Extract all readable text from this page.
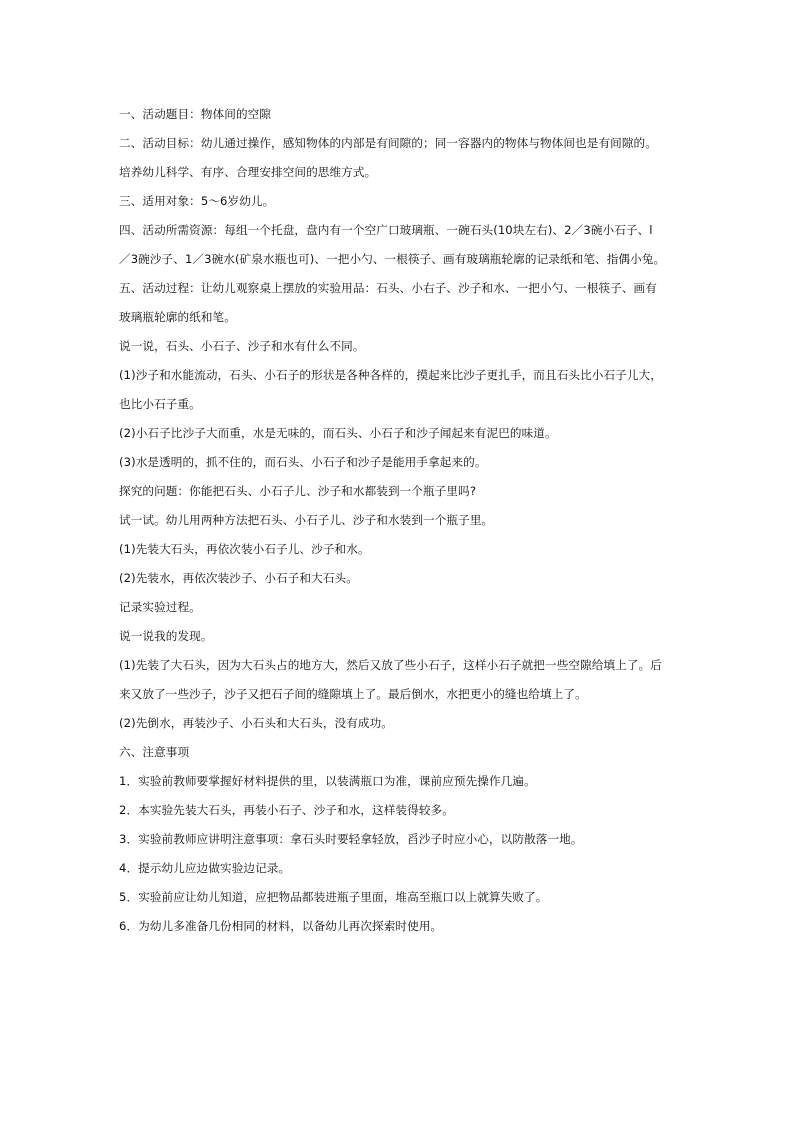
一、活动题目：物体间的空隙
二、活动目标：幼儿通过操作，感知物体的内部是有间隙的；同一容器内的物体与物体间也是有间隙的。
培养幼儿科学、有序、合理安排空间的思维方式。
三、适用对象：5～6岁幼儿。
四、活动所需资源：每组一个托盘，盘内有一个空广口玻璃瓶、一碗石头(10块左右)、2／3碗小石子、l
／3碗沙子、1／3碗水(矿泉水瓶也可)、一把小勺、一根筷子、画有玻璃瓶轮廓的记录纸和笔、指偶小兔。
五、活动过程：让幼儿观察桌上摆放的实验用品：石头、小右子、沙子和水、一把小勺、一根筷子、画有
玻璃瓶轮廓的纸和笔。
说一说，石头、小石子、沙子和水有什么不同。
(1)沙子和水能流动，石头、小石子的形状是各种各样的，摸起来比沙子更扎手，而且石头比小石子儿大，
也比小石子重。
(2)小石子比沙子大而重，水是无味的，而石头、小石子和沙子闻起来有泥巴的味道。
(3)水是透明的，抓不住的，而石头、小石子和沙子是能用手拿起来的。
探究的问题：你能把石头、小石子儿、沙子和水都装到一个瓶子里吗?
试一试。幼儿用两种方法把石头、小石子儿、沙子和水装到一个瓶子里。
(1)先装大石头，再依次装小石子儿、沙子和水。
(2)先装水，再依次装沙子、小石子和大石头。
记录实验过程。
说一说我的发现。
(1)先装了大石头，因为大石头占的地方大，然后又放了些小石子，这样小石子就把一些空隙给填上了。后
来又放了一些沙子，沙子又把石子间的缝隙填上了。最后倒水，水把更小的缝也给填上了。
(2)先倒水，再装沙子、小石头和大石头，没有成功。
六、注意事项
1．实验前教师要掌握好材料提供的里，以装满瓶口为准，课前应预先操作几遍。
2．本实验先装大石头，再装小石子、沙子和水，这样装得较多。
3．实验前教师应讲明注意事项：拿石头时要轻拿轻放，舀沙子时应小心，以防散落一地。
4．提示幼儿应边做实验边记录。
5．实验前应让幼儿知道，应把物品都装进瓶子里面，堆高至瓶口以上就算失败了。
6．为幼儿多准备几份相同的材料，以备幼儿再次探索时使用。
